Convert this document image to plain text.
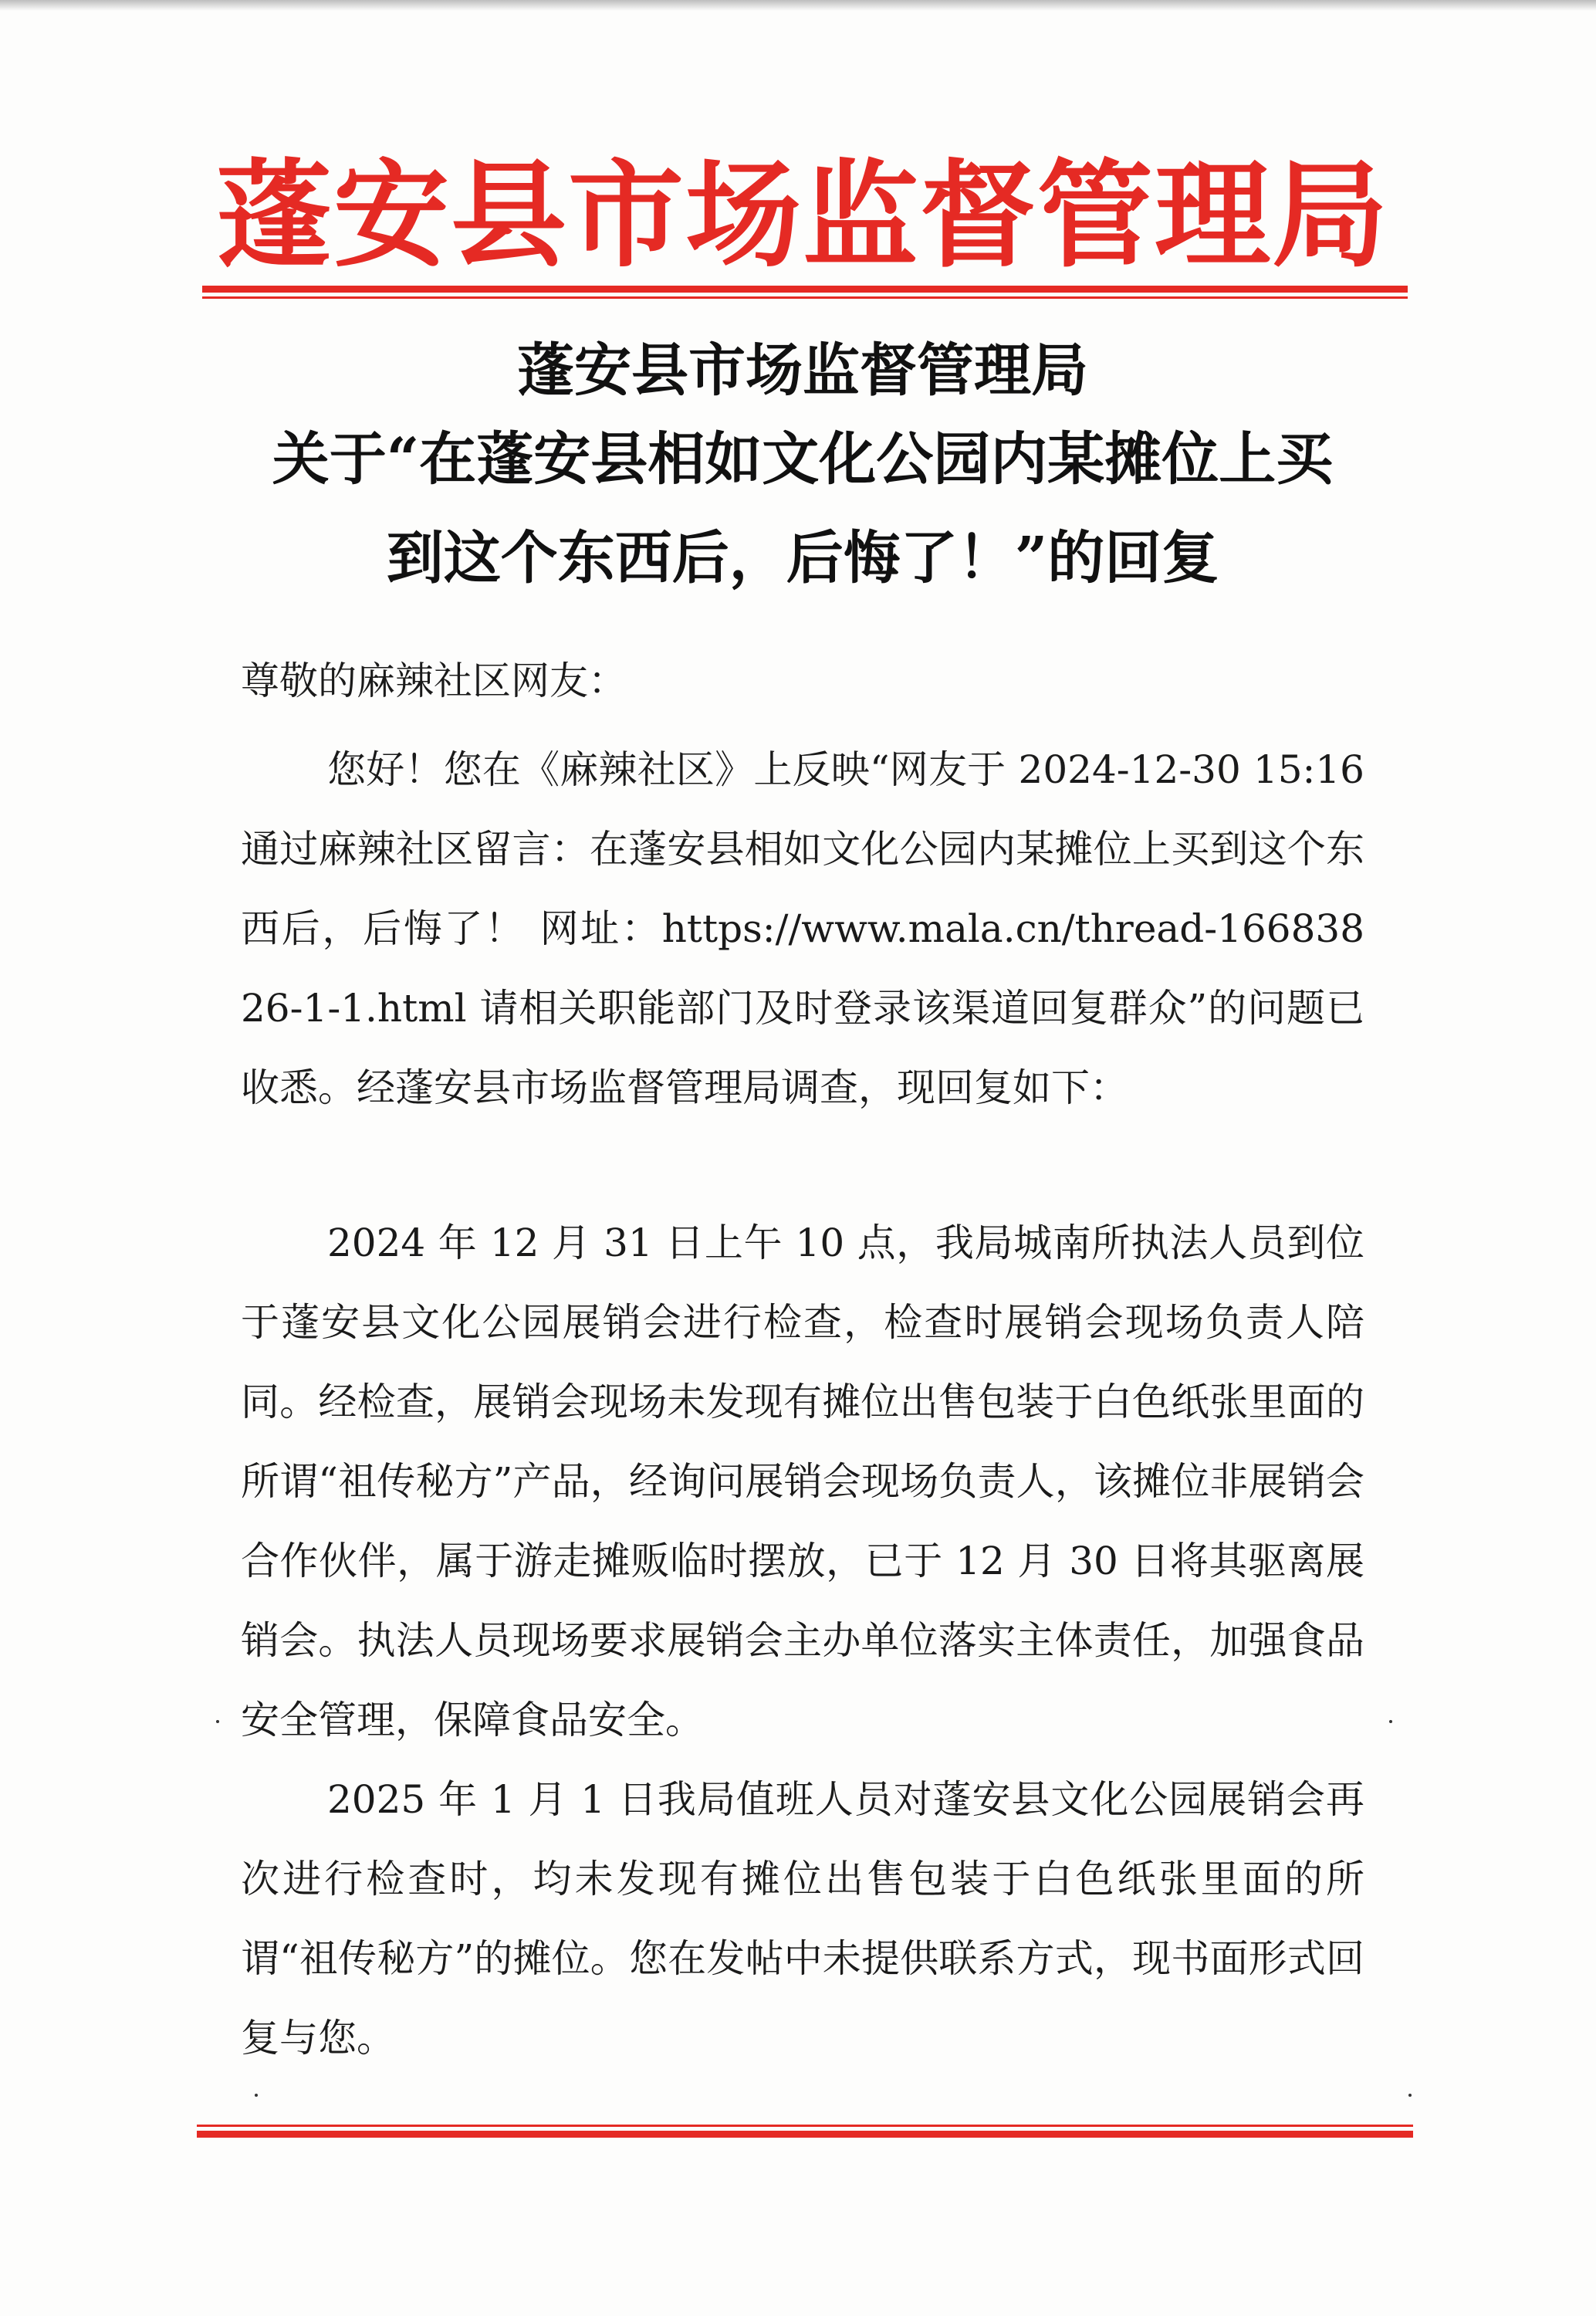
蓬安县市场监督管理局
蓬安县市场监督管理局
关于“在蓬安县相如文化公园内某摊位上买
到这个东西后，后悔了！”的回复
尊敬的麻辣社区网友：
您好！您在《麻辣社区》上反映“网友于 2024-12-30 15:16 通过麻辣社区留言：在蓬安县相如文化公园内某摊位上买到这个东西后，后悔了！ 网址：https://www.mala.cn/thread-16683826-1-1.html 请相关职能部门及时登录该渠道回复群众”的问题已收悉。经蓬安县市场监督管理局调查，现回复如下：
2024 年 12 月 31 日上午 10 点，我局城南所执法人员到位于蓬安县文化公园展销会进行检查，检查时展销会现场负责人陪同。经检查，展销会现场未发现有摊位出售包装于白色纸张里面的所谓“祖传秘方”产品，经询问展销会现场负责人，该摊位非展销会合作伙伴，属于游走摊贩临时摆放，已于 12 月 30 日将其驱离展销会。执法人员现场要求展销会主办单位落实主体责任，加强食品安全管理，保障食品安全。
2025 年 1 月 1 日我局值班人员对蓬安县文化公园展销会再次进行检查时，均未发现有摊位出售包装于白色纸张里面的所谓“祖传秘方”的摊位。您在发帖中未提供联系方式，现书面形式回复与您。
